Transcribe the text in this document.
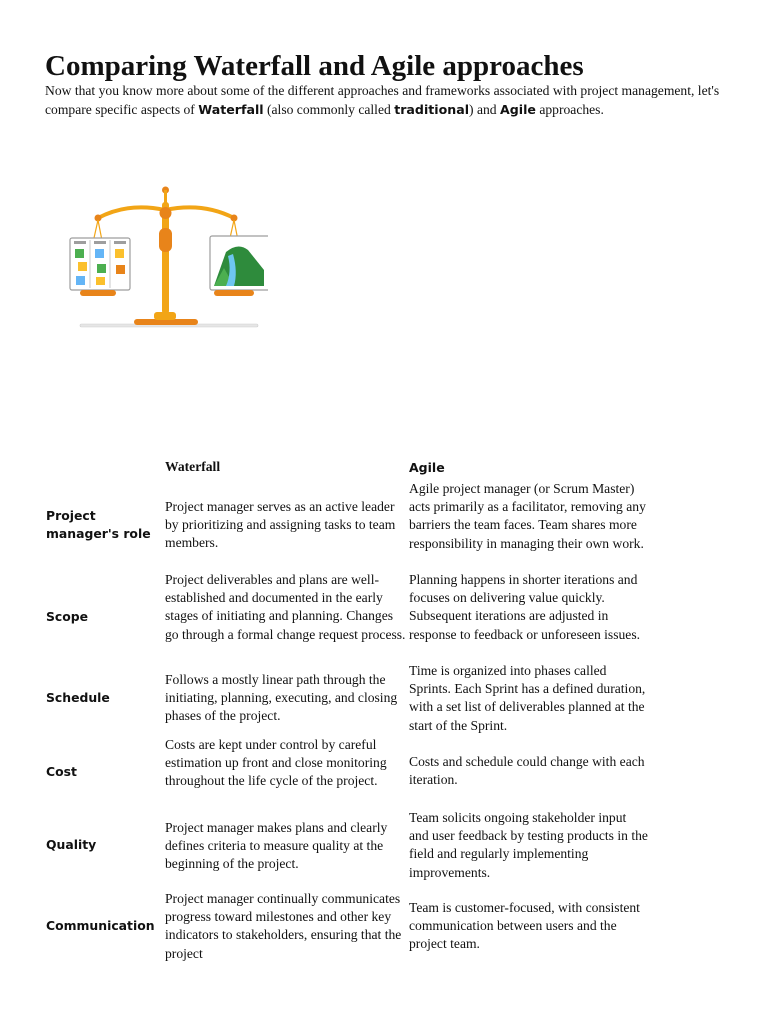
Comparing Waterfall and Agile approaches
Now that you know more about some of the different approaches and frameworks associated with project management, let's compare specific aspects of Waterfall (also commonly called traditional) and Agile approaches.
Waterfall	Agile
Project manager's role
Project manager serves as an active leader by prioritizing and assigning tasks to team members.
Agile project manager (or Scrum Master) acts primarily as a facilitator, removing any barriers the team faces. Team shares more responsibility in managing their own work.
Scope
Project deliverables and plans are well-established and documented in the early stages of initiating and planning. Changes go through a formal change request process.
Planning happens in shorter iterations and focuses on delivering value quickly. Subsequent iterations are adjusted in response to feedback or unforeseen issues.
Schedule
Follows a mostly linear path through the initiating, planning, executing, and closing phases of the project.
Time is organized into phases called Sprints. Each Sprint has a defined duration, with a set list of deliverables planned at the start of the Sprint.
Cost
Costs are kept under control by careful estimation up front and close monitoring throughout the life cycle of the project.
Costs and schedule could change with each iteration.
Quality
Project manager makes plans and clearly defines criteria to measure quality at the beginning of the project.
Team solicits ongoing stakeholder input and user feedback by testing products in the field and regularly implementing improvements.
Communication
Project manager continually communicates progress toward milestones and other key indicators to stakeholders, ensuring that the project
Team is customer-focused, with consistent communication between users and the project team.
